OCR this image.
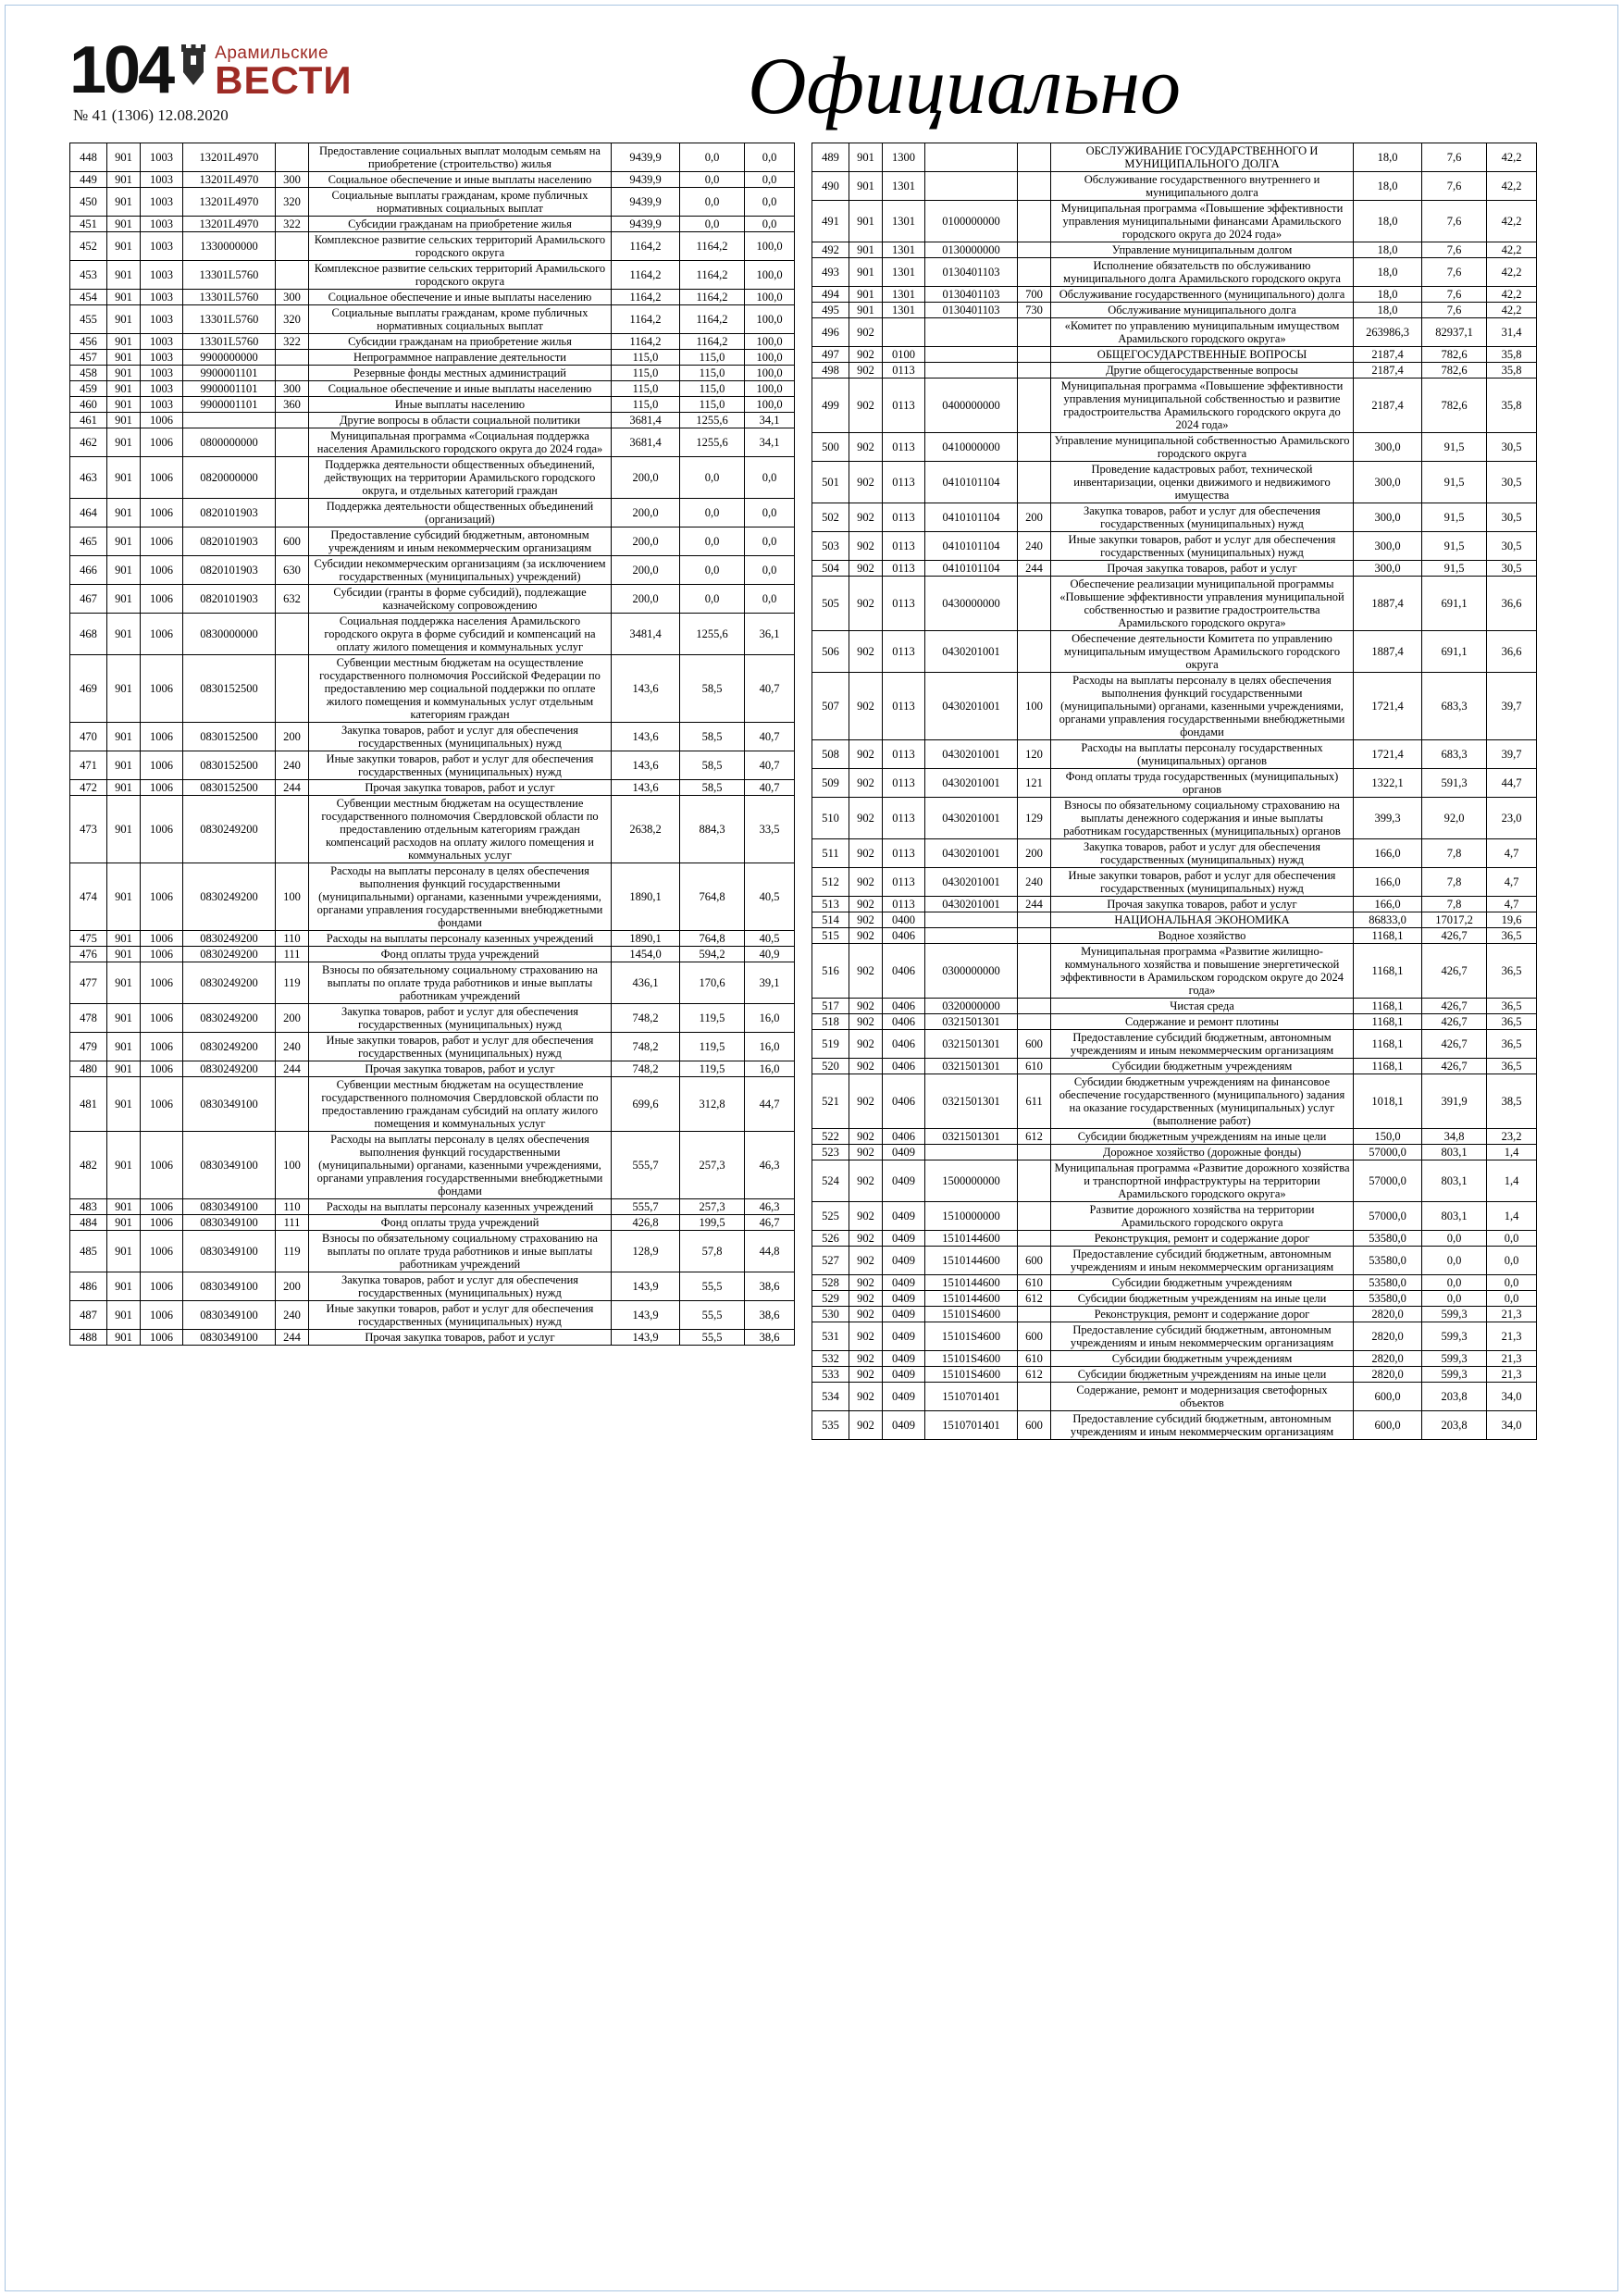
104 Арамильские
ВЕСТИ
№ 41 (1306) 12.08.2020	Официально
448	901	1003	13201L4970		Предоставление социальных выплат молодым семьям на приобретение (строительство) жилья	9439,9	0,0	0,0
449	901	1003	13201L4970	300	Социальное обеспечение и иные выплаты населению	9439,9	0,0	0,0
450	901	1003	13201L4970	320	Социальные выплаты гражданам, кроме публичных нормативных социальных выплат	9439,9	0,0	0,0
451	901	1003	13201L4970	322	Субсидии гражданам на приобретение жилья	9439,9	0,0	0,0
452	901	1003	1330000000		Комплексное развитие сельских территорий Арамильского городского округа	1164,2	1164,2	100,0
453	901	1003	13301L5760		Комплексное развитие сельских территорий Арамильского городского округа	1164,2	1164,2	100,0
454	901	1003	13301L5760	300	Социальное обеспечение и иные выплаты населению	1164,2	1164,2	100,0
455	901	1003	13301L5760	320	Социальные выплаты гражданам, кроме публичных нормативных социальных выплат	1164,2	1164,2	100,0
456	901	1003	13301L5760	322	Субсидии гражданам на приобретение жилья	1164,2	1164,2	100,0
457	901	1003	9900000000		Непрограммное направление деятельности	115,0	115,0	100,0
458	901	1003	9900001101		Резервные фонды местных администраций	115,0	115,0	100,0
459	901	1003	9900001101	300	Социальное обеспечение и иные выплаты населению	115,0	115,0	100,0
460	901	1003	9900001101	360	Иные выплаты населению	115,0	115,0	100,0
461	901	1006			Другие вопросы в области социальной политики	3681,4	1255,6	34,1
462	901	1006	0800000000		Муниципальная программа «Социальная поддержка населения Арамильского городского округа до 2024 года»	3681,4	1255,6	34,1
463	901	1006	0820000000		Поддержка деятельности общественных объединений, действующих на территории Арамильского городского округа, и отдельных категорий граждан	200,0	0,0	0,0
464	901	1006	0820101903		Поддержка деятельности общественных объединений (организаций)	200,0	0,0	0,0
465	901	1006	0820101903	600	Предоставление субсидий бюджетным, автономным учреждениям и иным некоммерческим организациям	200,0	0,0	0,0
466	901	1006	0820101903	630	Субсидии некоммерческим организациям (за исключением государственных (муниципальных) учреждений)	200,0	0,0	0,0
467	901	1006	0820101903	632	Субсидии (гранты в форме субсидий), подлежащие казначейскому сопровождению	200,0	0,0	0,0
468	901	1006	0830000000		Социальная поддержка населения Арамильского городского округа в форме субсидий и компенсаций на оплату жилого помещения и коммунальных услуг	3481,4	1255,6	36,1
469	901	1006	0830152500		Субвенции местным бюджетам на осуществление государственного полномочия Российской Федерации по предоставлению мер социальной поддержки по оплате жилого помещения и коммунальных услуг отдельным категориям граждан	143,6	58,5	40,7
470	901	1006	0830152500	200	Закупка товаров, работ и услуг для обеспечения государственных (муниципальных) нужд	143,6	58,5	40,7
471	901	1006	0830152500	240	Иные закупки товаров, работ и услуг для обеспечения государственных (муниципальных) нужд	143,6	58,5	40,7
472	901	1006	0830152500	244	Прочая закупка товаров, работ и услуг	143,6	58,5	40,7
473	901	1006	0830249200		Субвенции местным бюджетам на осуществление государственного полномочия Свердловской области по предоставлению отдельным категориям граждан компенсаций расходов на оплату жилого помещения и коммунальных услуг	2638,2	884,3	33,5
474	901	1006	0830249200	100	Расходы на выплаты персоналу в целях обеспечения выполнения функций государственными (муниципальными) органами, казенными учреждениями, органами управления государственными внебюджетными фондами	1890,1	764,8	40,5
475	901	1006	0830249200	110	Расходы на выплаты персоналу казенных учреждений	1890,1	764,8	40,5
476	901	1006	0830249200	111	Фонд оплаты труда учреждений	1454,0	594,2	40,9
477	901	1006	0830249200	119	Взносы по обязательному социальному страхованию на выплаты по оплате труда работников и иные выплаты работникам учреждений	436,1	170,6	39,1
478	901	1006	0830249200	200	Закупка товаров, работ и услуг для обеспечения государственных (муниципальных) нужд	748,2	119,5	16,0
479	901	1006	0830249200	240	Иные закупки товаров, работ и услуг для обеспечения государственных (муниципальных) нужд	748,2	119,5	16,0
480	901	1006	0830249200	244	Прочая закупка товаров, работ и услуг	748,2	119,5	16,0
481	901	1006	0830349100		Субвенции местным бюджетам на осуществление государственного полномочия Свердловской области по предоставлению гражданам субсидий на оплату жилого помещения и коммунальных услуг	699,6	312,8	44,7
482	901	1006	0830349100	100	Расходы на выплаты персоналу в целях обеспечения выполнения функций государственными (муниципальными) органами, казенными учреждениями, органами управления государственными внебюджетными фондами	555,7	257,3	46,3
483	901	1006	0830349100	110	Расходы на выплаты персоналу казенных учреждений	555,7	257,3	46,3
484	901	1006	0830349100	111	Фонд оплаты труда учреждений	426,8	199,5	46,7
485	901	1006	0830349100	119	Взносы по обязательному социальному страхованию на выплаты по оплате труда работников и иные выплаты работникам учреждений	128,9	57,8	44,8
486	901	1006	0830349100	200	Закупка товаров, работ и услуг для обеспечения государственных (муниципальных) нужд	143,9	55,5	38,6
487	901	1006	0830349100	240	Иные закупки товаров, работ и услуг для обеспечения государственных (муниципальных) нужд	143,9	55,5	38,6
488	901	1006	0830349100	244	Прочая закупка товаров, работ и услуг	143,9	55,5	38,6
489	901	1300			ОБСЛУЖИВАНИЕ ГОСУДАРСТВЕННОГО И МУНИЦИПАЛЬНОГО ДОЛГА	18,0	7,6	42,2
490	901	1301			Обслуживание государственного внутреннего и муниципального долга	18,0	7,6	42,2
491	901	1301	0100000000		Муниципальная программа «Повышение эффективности управления муниципальными финансами Арамильского городского округа до 2024 года»	18,0	7,6	42,2
492	901	1301	0130000000		Управление муниципальным долгом	18,0	7,6	42,2
493	901	1301	0130401103		Исполнение обязательств по обслуживанию муниципального долга Арамильского городского округа	18,0	7,6	42,2
494	901	1301	0130401103	700	Обслуживание государственного (муниципального) долга	18,0	7,6	42,2
495	901	1301	0130401103	730	Обслуживание муниципального долга	18,0	7,6	42,2
496	902				«Комитет по управлению муниципальным имуществом Арамильского городского округа»	263986,3	82937,1	31,4
497	902	0100			ОБЩЕГОСУДАРСТВЕННЫЕ ВОПРОСЫ	2187,4	782,6	35,8
498	902	0113			Другие общегосударственные вопросы	2187,4	782,6	35,8
499	902	0113	0400000000		Муниципальная программа «Повышение эффективности управления муниципальной собственностью и развитие градостроительства Арамильского городского округа до 2024 года»	2187,4	782,6	35,8
500	902	0113	0410000000		Управление муниципальной собственностью Арамильского городского округа	300,0	91,5	30,5
501	902	0113	0410101104		Проведение кадастровых работ, технической инвентаризации, оценки движимого и недвижимого имущества	300,0	91,5	30,5
502	902	0113	0410101104	200	Закупка товаров, работ и услуг для обеспечения государственных (муниципальных) нужд	300,0	91,5	30,5
503	902	0113	0410101104	240	Иные закупки товаров, работ и услуг для обеспечения государственных (муниципальных) нужд	300,0	91,5	30,5
504	902	0113	0410101104	244	Прочая закупка товаров, работ и услуг	300,0	91,5	30,5
505	902	0113	0430000000		Обеспечение реализации муниципальной программы «Повышение эффективности управления муниципальной собственностью и развитие градостроительства Арамильского городского округа»	1887,4	691,1	36,6
506	902	0113	0430201001		Обеспечение деятельности Комитета по управлению муниципальным имуществом Арамильского городского округа	1887,4	691,1	36,6
507	902	0113	0430201001	100	Расходы на выплаты персоналу в целях обеспечения выполнения функций государственными (муниципальными) органами, казенными учреждениями, органами управления государственными внебюджетными фондами	1721,4	683,3	39,7
508	902	0113	0430201001	120	Расходы на выплаты персоналу государственных (муниципальных) органов	1721,4	683,3	39,7
509	902	0113	0430201001	121	Фонд оплаты труда государственных (муниципальных) органов	1322,1	591,3	44,7
510	902	0113	0430201001	129	Взносы по обязательному социальному страхованию на выплаты денежного содержания и иные выплаты работникам государственных (муниципальных) органов	399,3	92,0	23,0
511	902	0113	0430201001	200	Закупка товаров, работ и услуг для обеспечения государственных (муниципальных) нужд	166,0	7,8	4,7
512	902	0113	0430201001	240	Иные закупки товаров, работ и услуг для обеспечения государственных (муниципальных) нужд	166,0	7,8	4,7
513	902	0113	0430201001	244	Прочая закупка товаров, работ и услуг	166,0	7,8	4,7
514	902	0400			НАЦИОНАЛЬНАЯ ЭКОНОМИКА	86833,0	17017,2	19,6
515	902	0406			Водное хозяйство	1168,1	426,7	36,5
516	902	0406	0300000000		Муниципальная программа «Развитие жилищно-коммунального хозяйства и повышение энергетической эффективности в Арамильском городском округе до 2024 года»	1168,1	426,7	36,5
517	902	0406	0320000000		Чистая среда	1168,1	426,7	36,5
518	902	0406	0321501301		Содержание и ремонт плотины	1168,1	426,7	36,5
519	902	0406	0321501301	600	Предоставление субсидий бюджетным, автономным учреждениям и иным некоммерческим организациям	1168,1	426,7	36,5
520	902	0406	0321501301	610	Субсидии бюджетным учреждениям	1168,1	426,7	36,5
521	902	0406	0321501301	611	Субсидии бюджетным учреждениям на финансовое обеспечение государственного (муниципального) задания на оказание государственных (муниципальных) услуг (выполнение работ)	1018,1	391,9	38,5
522	902	0406	0321501301	612	Субсидии бюджетным учреждениям на иные цели	150,0	34,8	23,2
523	902	0409			Дорожное хозяйство (дорожные фонды)	57000,0	803,1	1,4
524	902	0409	1500000000		Муниципальная программа «Развитие дорожного хозяйства и транспортной инфраструктуры на территории Арамильского городского округа»	57000,0	803,1	1,4
525	902	0409	1510000000		Развитие дорожного хозяйства на территории Арамильского городского округа	57000,0	803,1	1,4
526	902	0409	1510144600		Реконструкция, ремонт и содержание дорог	53580,0	0,0	0,0
527	902	0409	1510144600	600	Предоставление субсидий бюджетным, автономным учреждениям и иным некоммерческим организациям	53580,0	0,0	0,0
528	902	0409	1510144600	610	Субсидии бюджетным учреждениям	53580,0	0,0	0,0
529	902	0409	1510144600	612	Субсидии бюджетным учреждениям на иные цели	53580,0	0,0	0,0
530	902	0409	15101S4600		Реконструкция, ремонт и содержание дорог	2820,0	599,3	21,3
531	902	0409	15101S4600	600	Предоставление субсидий бюджетным, автономным учреждениям и иным некоммерческим организациям	2820,0	599,3	21,3
532	902	0409	15101S4600	610	Субсидии бюджетным учреждениям	2820,0	599,3	21,3
533	902	0409	15101S4600	612	Субсидии бюджетным учреждениям на иные цели	2820,0	599,3	21,3
534	902	0409	1510701401		Содержание, ремонт и модернизация светофорных объектов	600,0	203,8	34,0
535	902	0409	1510701401	600	Предоставление субсидий бюджетным, автономным учреждениям и иным некоммерческим организациям	600,0	203,8	34,0
